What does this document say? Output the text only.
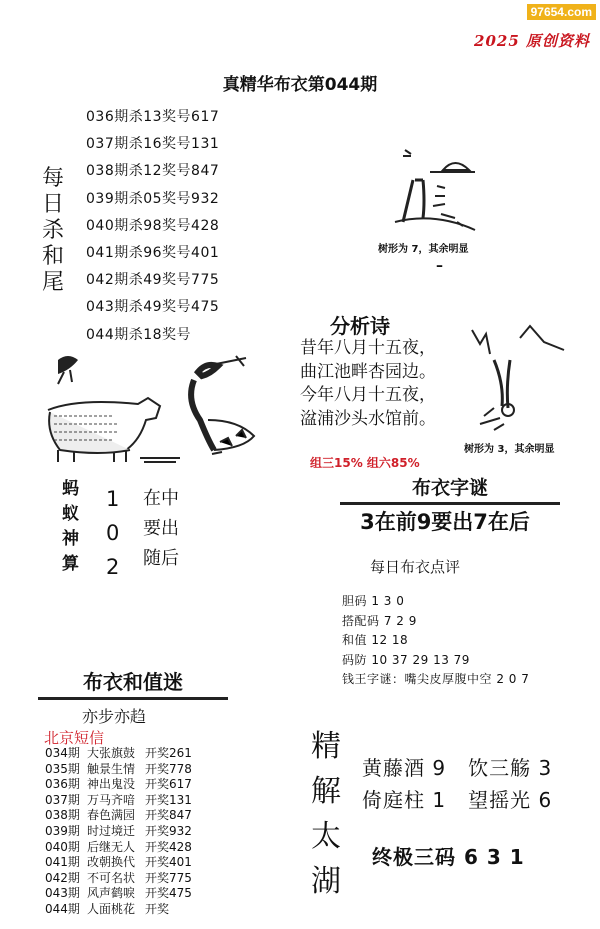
97654.com
2025 原创资料
真精华布衣第044期
每日杀和尾
036期杀13奖号617
037期杀16奖号131
038期杀12奖号847
039期杀05奖号932
040期杀98奖号428
041期杀96奖号401
042期杀49奖号775
043期杀49奖号475
044期杀18奖号
树形为 7，其余明显
–
树形为 3，其余明显
分析诗
昔年八月十五夜，
曲江池畔杏园边。
今年八月十五夜，
湓浦沙头水馆前。
组三15% 组六85%
布衣字谜
3在前9要出7在后
每日布衣点评
胆码 1 3 0
搭配码 7 2 9
和值 12 18
码防 10 37 29 13 79
钱王字谜：嘴尖皮厚腹中空 2 0 7
蚂
蚁
神
算
1
0
2
在中
要出
随后
布衣和值迷
亦步亦趋
北京短信
034期 大张旗鼓 开奖261
035期 触景生情 开奖778
036期 神出鬼没 开奖617
037期 万马齐喑 开奖131
038期 春色满园 开奖847
039期 时过境迁 开奖932
040期 后继无人 开奖428
041期 改朝换代 开奖401
042期 不可名状 开奖775
043期 风声鹤唳 开奖475
044期 人面桃花 开奖
精解太湖
黄藤酒 9   饮三觞 3
倚庭柱 1   望摇光 6
终极三码 6 3 1
